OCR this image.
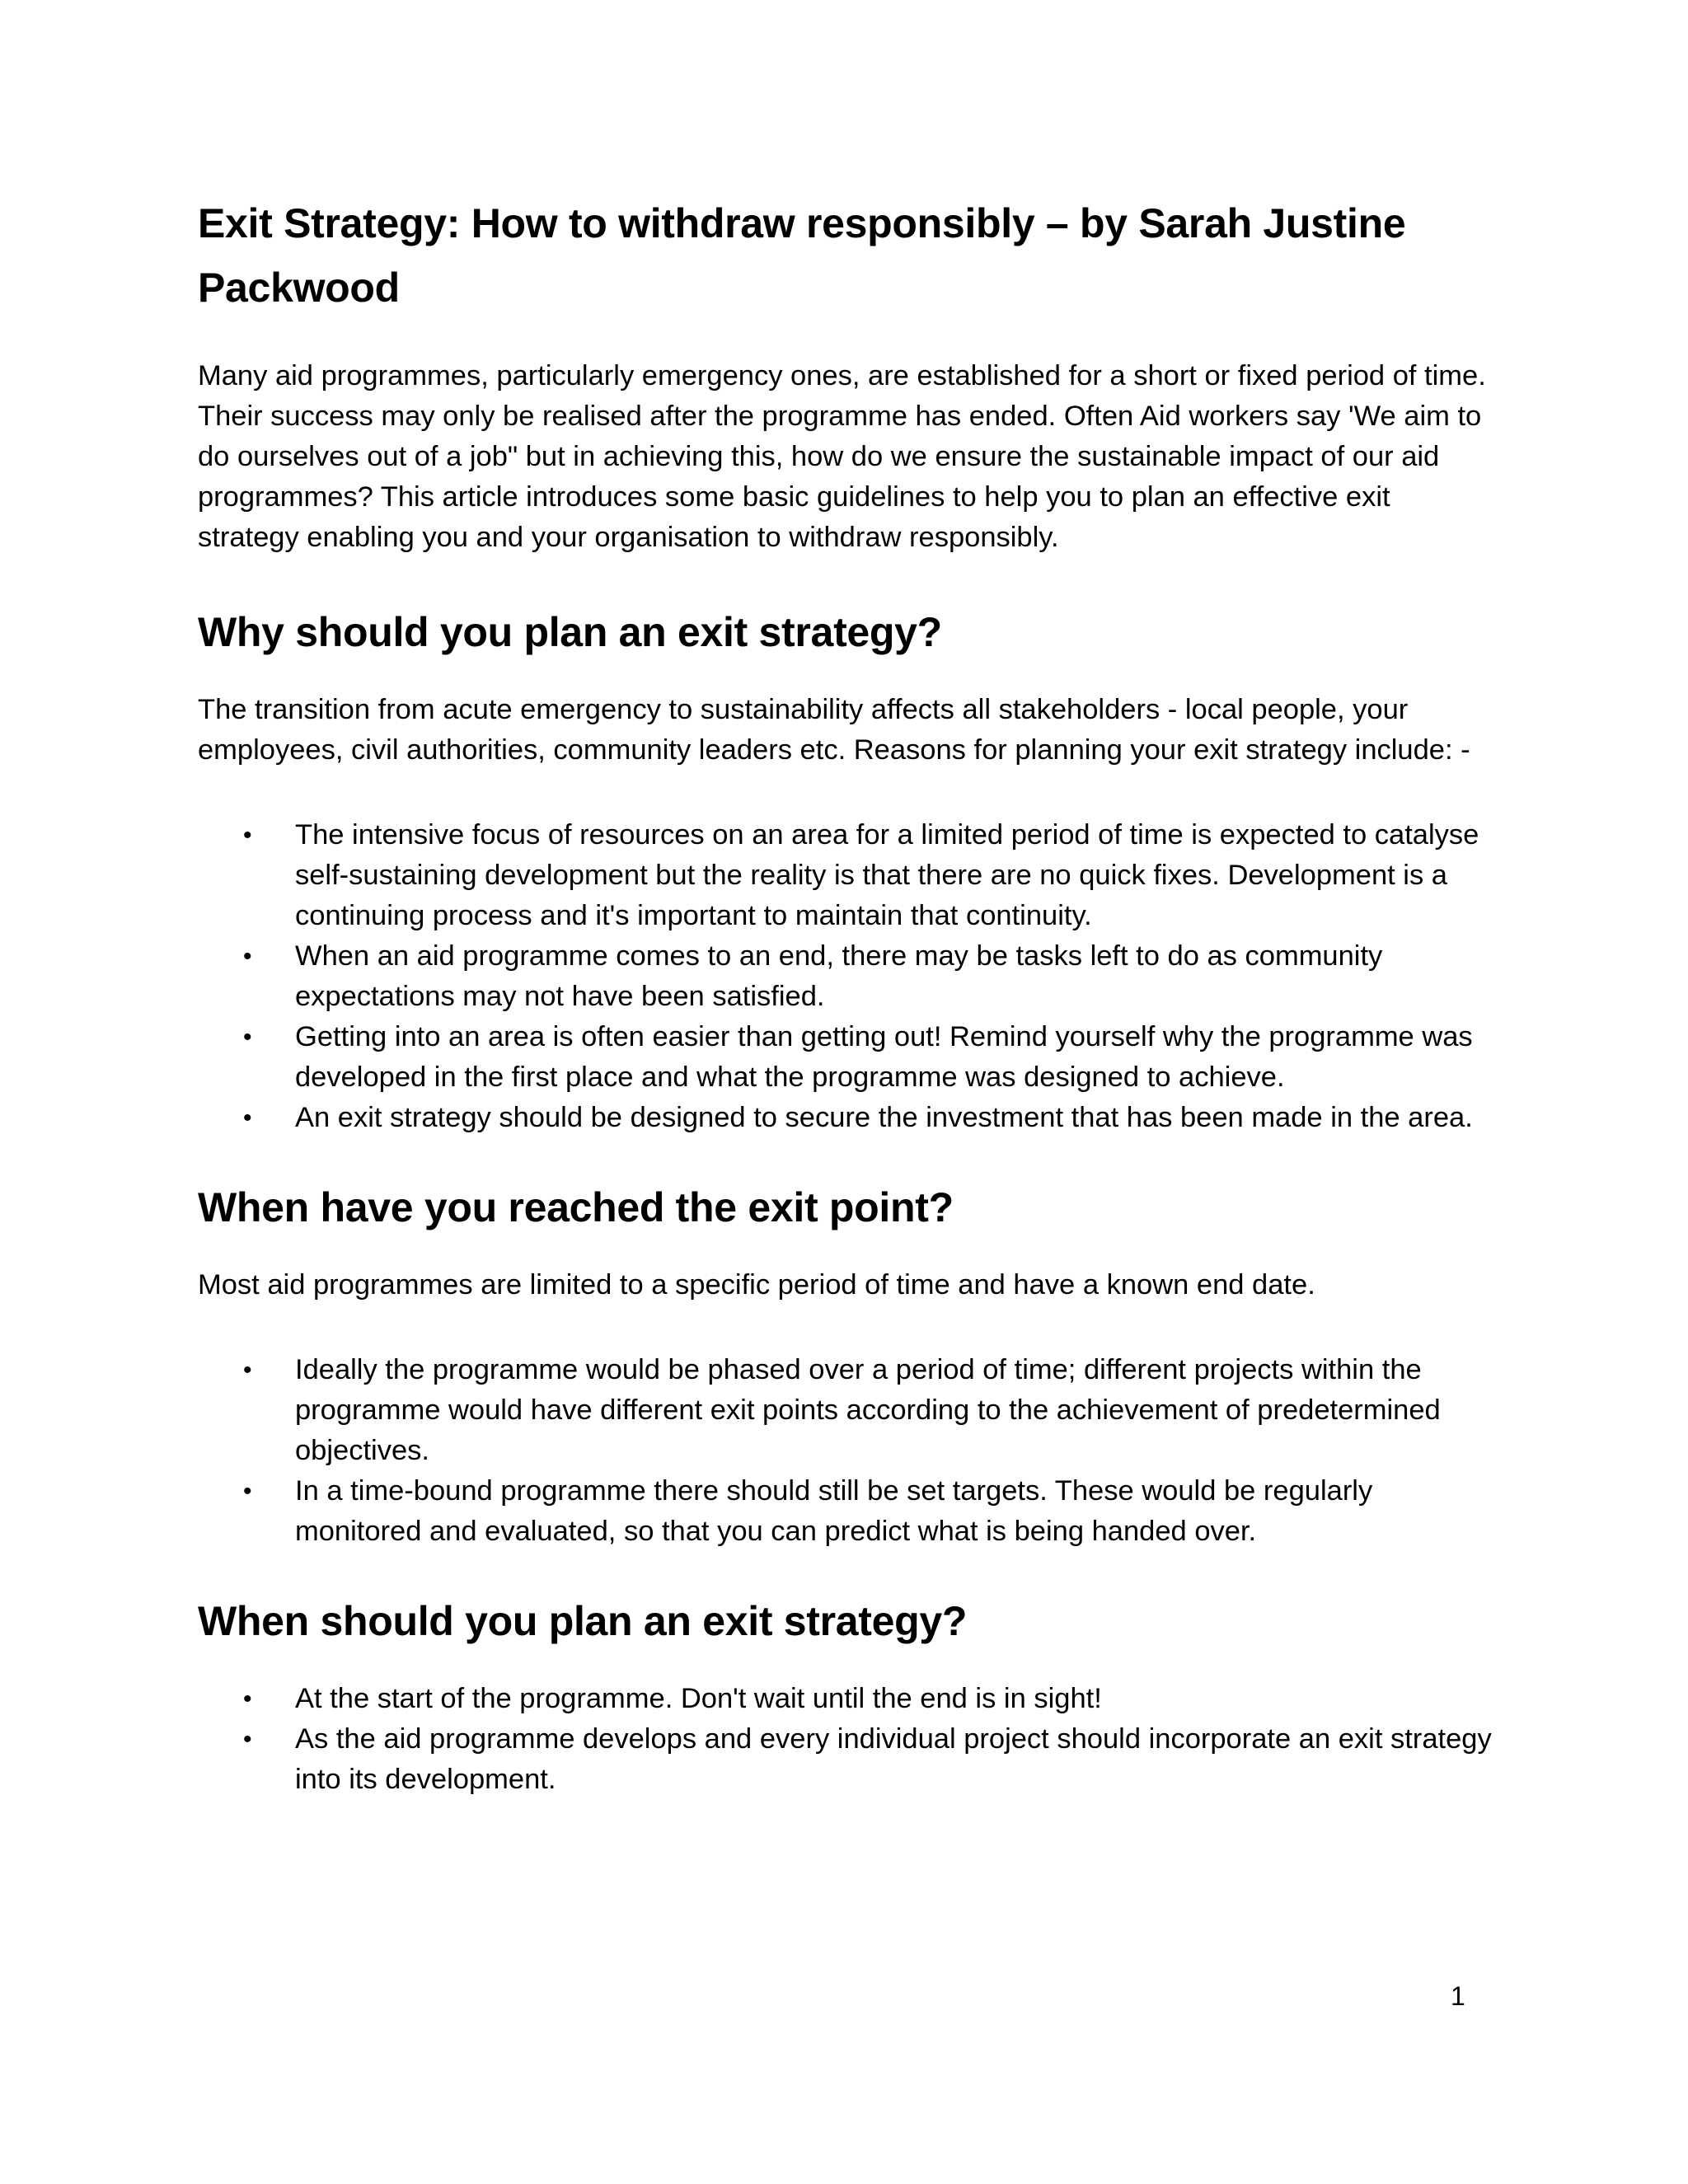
Exit Strategy: How to withdraw responsibly – by Sarah Justine Packwood

Many aid programmes, particularly emergency ones, are established for a short or fixed period of time. Their success may only be realised after the programme has ended. Often Aid workers say 'We aim to do ourselves out of a job" but in achieving this, how do we ensure the sustainable impact of our aid programmes? This article introduces some basic guidelines to help you to plan an effective exit strategy enabling you and your organisation to withdraw responsibly.

Why should you plan an exit strategy?

The transition from acute emergency to sustainability affects all stakeholders - local people, your employees, civil authorities, community leaders etc. Reasons for planning your exit strategy include: -

• The intensive focus of resources on an area for a limited period of time is expected to catalyse self-sustaining development but the reality is that there are no quick fixes. Development is a continuing process and it's important to maintain that continuity.
• When an aid programme comes to an end, there may be tasks left to do as community expectations may not have been satisfied.
• Getting into an area is often easier than getting out! Remind yourself why the programme was developed in the first place and what the programme was designed to achieve.
• An exit strategy should be designed to secure the investment that has been made in the area.
When have you reached the exit point?

Most aid programmes are limited to a specific period of time and have a known end date.

• Ideally the programme would be phased over a period of time; different projects within the programme would have different exit points according to the achievement of predetermined objectives.
• In a time-bound programme there should still be set targets. These would be regularly monitored and evaluated, so that you can predict what is being handed over.
When should you plan an exit strategy?
• At the start of the programme. Don't wait until the end is in sight!
• As the aid programme develops and every individual project should incorporate an exit strategy into its development.
1
